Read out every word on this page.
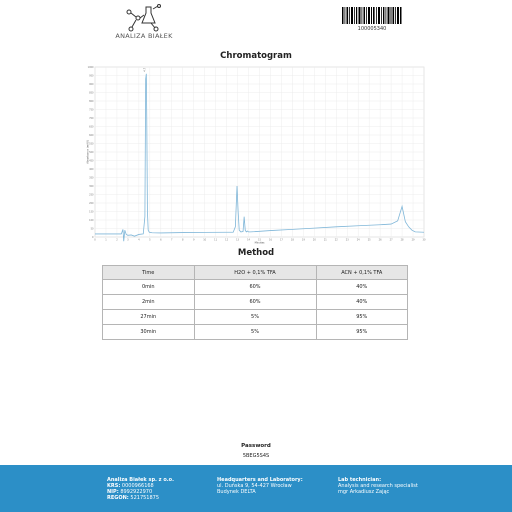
ANALIZA BIAŁEK
100005340
Chromatogram
0
50
100
150
200
250
300
350
400
450
500
550
600
650
700
750
800
850
900
950
1000
0	1	2	3	4	5	6	7	8	9	10	11	12	13	14	15	16	17	18	19	20	21	22	23	24	25	26	27	28	29	30
4.7
Absorbance (mAU)
Minutes
Method
Time	H2O + 0,1% TFA	ACN + 0,1% TFA
0min	60%	40%
2min	60%	40%
27min	5%	95%
30min	5%	95%
Password
5BEG5S4S
Analiza Białek sp. z o.o.
KRS: 0000966168
NIP: 8992922970
REGON: 521751875
Headquarters and Laboratory:
ul. Duńska 9, 54-427 Wrocław
Budynek DELTA
Lab technician:
Analysis and research specialist
mgr Arkadiusz Zając
